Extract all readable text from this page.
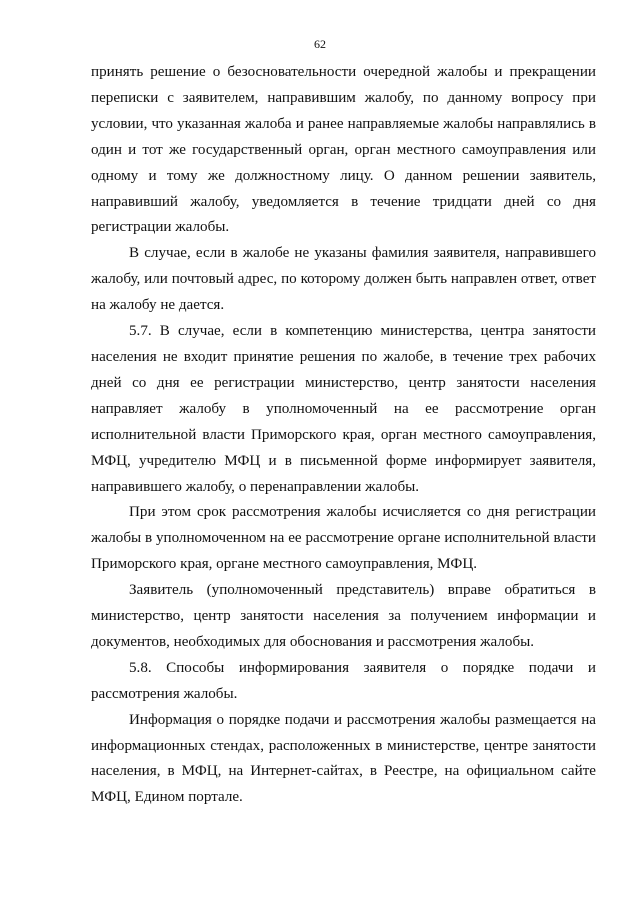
62

принять решение о безосновательности очередной жалобы и прекращении переписки с заявителем, направившим жалобу, по данному вопросу при условии, что указанная жалоба и ранее направляемые жалобы направлялись в один и тот же государственный орган, орган местного самоуправления или одному и тому же должностному лицу. О данном решении заявитель, направивший жалобу, уведомляется в течение тридцати дней со дня регистрации жалобы.

В случае, если в жалобе не указаны фамилия заявителя, направившего жалобу, или почтовый адрес, по которому должен быть направлен ответ, ответ на жалобу не дается.

5.7. В случае, если в компетенцию министерства, центра занятости населения не входит принятие решения по жалобе, в течение трех рабочих дней со дня ее регистрации министерство, центр занятости населения направляет жалобу в уполномоченный на ее рассмотрение орган исполнительной власти Приморского края, орган местного самоуправления, МФЦ, учредителю МФЦ и в письменной форме информирует заявителя, направившего жалобу, о перенаправлении жалобы.

При этом срок рассмотрения жалобы исчисляется со дня регистрации жалобы в уполномоченном на ее рассмотрение органе исполнительной власти Приморского края, органе местного самоуправления, МФЦ.

Заявитель (уполномоченный представитель) вправе обратиться в министерство, центр занятости населения за получением информации и документов, необходимых для обоснования и рассмотрения жалобы.

5.8. Способы информирования заявителя о порядке подачи и рассмотрения жалобы.

Информация о порядке подачи и рассмотрения жалобы размещается на информационных стендах, расположенных в министерстве, центре занятости населения, в МФЦ, на Интернет-сайтах, в Реестре, на официальном сайте МФЦ, Едином портале.
